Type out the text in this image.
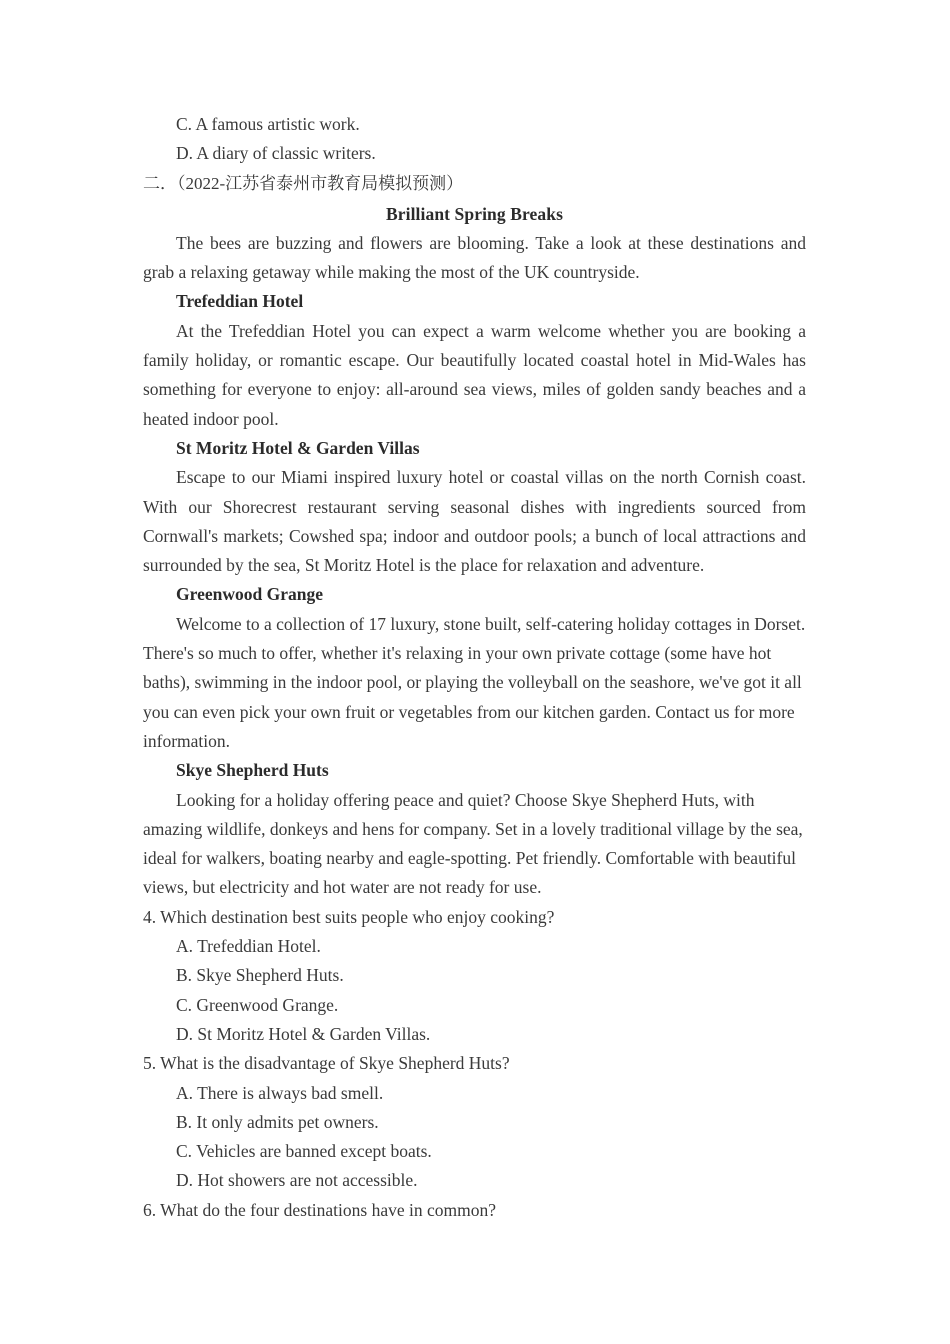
C. A famous artistic work.

D. A diary of classic writers.

二．（2022-江苏省泰州市教育局模拟预测）

Brilliant Spring Breaks

The bees are buzzing and flowers are blooming. Take a look at these destinations and grab a relaxing getaway while making the most of the UK countryside.

Trefeddian Hotel

At the Trefeddian Hotel you can expect a warm welcome whether you are booking a family holiday, or romantic escape. Our beautifully located coastal hotel in Mid-Wales has something for everyone to enjoy: all-around sea views, miles of golden sandy beaches and a heated indoor pool.

St Moritz Hotel & Garden Villas

Escape to our Miami inspired luxury hotel or coastal villas on the north Cornish coast. With our Shorecrest restaurant serving seasonal dishes with ingredients sourced from Cornwall's markets; Cowshed spa; indoor and outdoor pools; a bunch of local attractions and surrounded by the sea, St Moritz Hotel is the place for relaxation and adventure.

Greenwood Grange

Welcome to a collection of 17 luxury, stone built, self-catering holiday cottages in Dorset. There's so much to offer, whether it's relaxing in your own private cottage (some have hot baths), swimming in the indoor pool, or playing the volleyball on the seashore, we've got it all you can even pick your own fruit or vegetables from our kitchen garden. Contact us for more information.

Skye Shepherd Huts

Looking for a holiday offering peace and quiet? Choose Skye Shepherd Huts, with amazing wildlife, donkeys and hens for company. Set in a lovely traditional village by the sea, ideal for walkers, boating nearby and eagle-spotting. Pet friendly. Comfortable with beautiful views, but electricity and hot water are not ready for use.

4. Which destination best suits people who enjoy cooking?

A. Trefeddian Hotel.

B. Skye Shepherd Huts.

C. Greenwood Grange.

D. St Moritz Hotel & Garden Villas.

5. What is the disadvantage of Skye Shepherd Huts?

A. There is always bad smell.

B. It only admits pet owners.

C. Vehicles are banned except boats.

D. Hot showers are not accessible.

6. What do the four destinations have in common?
